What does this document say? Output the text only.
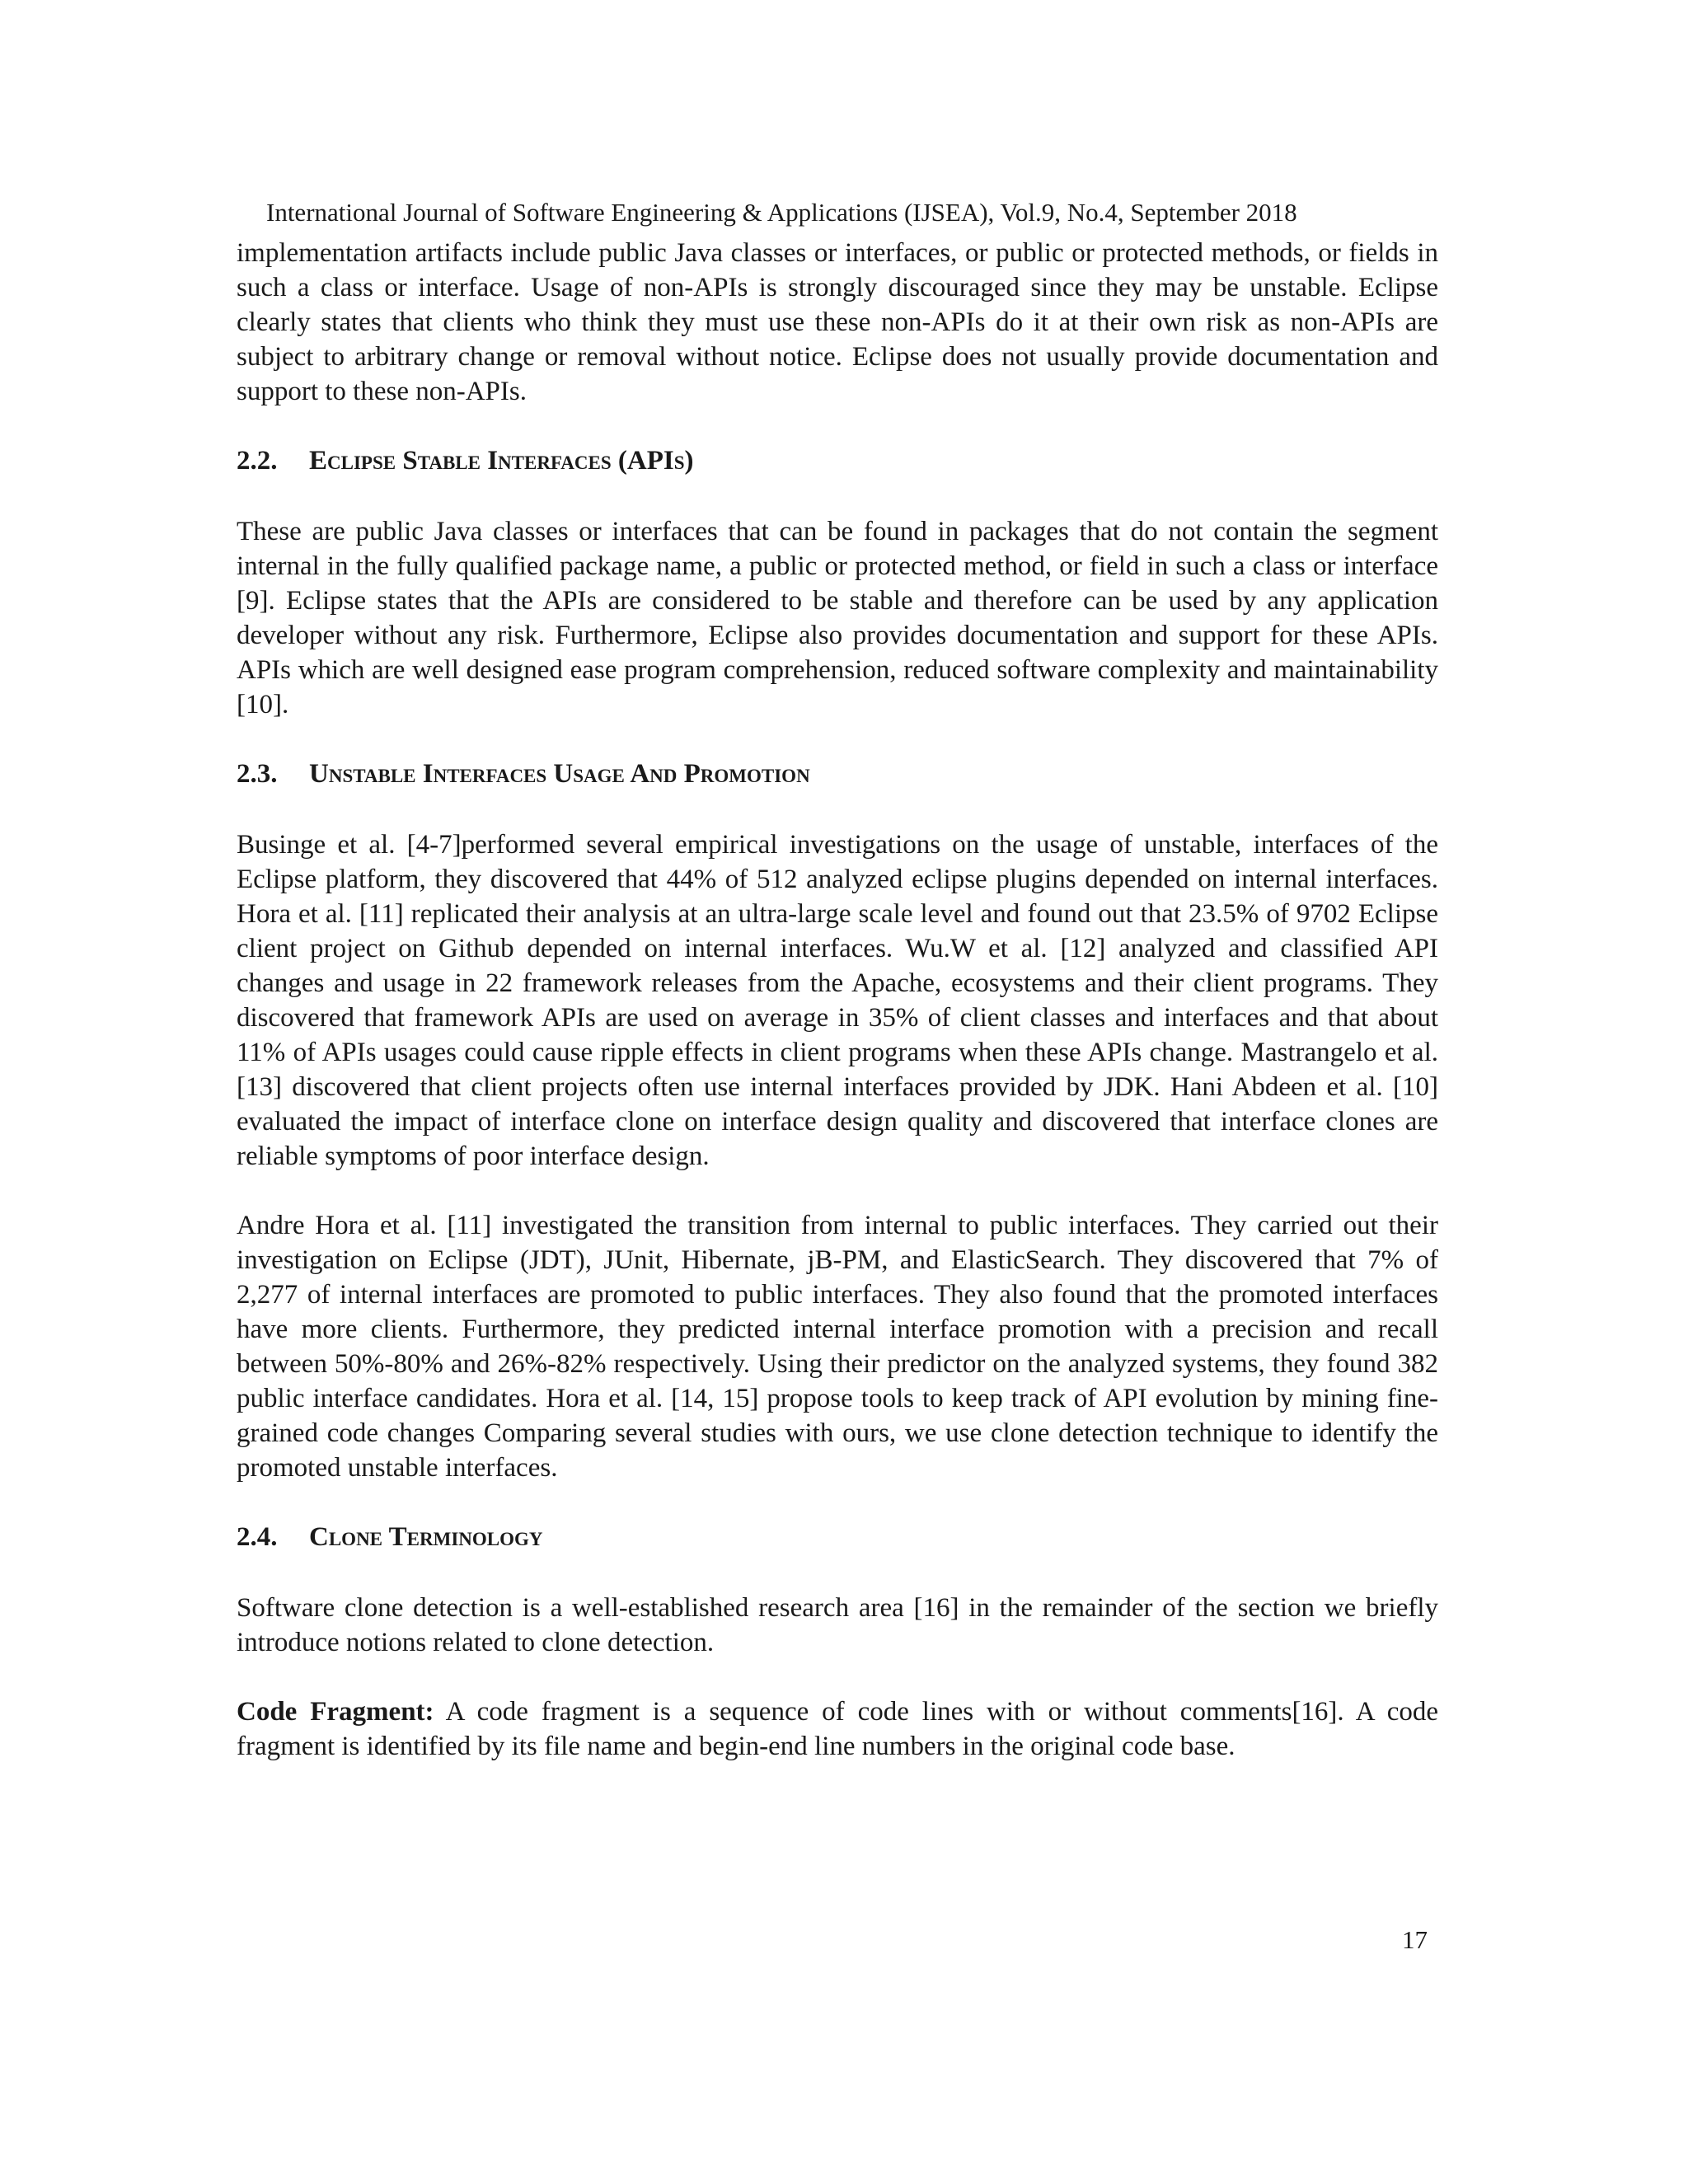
International Journal of Software Engineering & Applications (IJSEA), Vol.9, No.4, September 2018

implementation artifacts include public Java classes or interfaces, or public or protected methods, or fields in such a class or interface. Usage of non-APIs is strongly discouraged since they may be unstable. Eclipse clearly states that clients who think they must use these non-APIs do it at their own risk as non-APIs are subject to arbitrary change or removal without notice. Eclipse does not usually provide documentation and support to these non-APIs.

2.2. Eclipse Stable Interfaces (APIs)

These are public Java classes or interfaces that can be found in packages that do not contain the segment internal in the fully qualified package name, a public or protected method, or field in such a class or interface [9]. Eclipse states that the APIs are considered to be stable and therefore can be used by any application developer without any risk. Furthermore, Eclipse also provides documentation and support for these APIs. APIs which are well designed ease program comprehension, reduced software complexity and maintainability [10].

2.3. Unstable Interfaces Usage And Promotion

Businge et al. [4-7]performed several empirical investigations on the usage of unstable, interfaces of the Eclipse platform, they discovered that 44% of 512 analyzed eclipse plugins depended on internal interfaces. Hora et al. [11] replicated their analysis at an ultra-large scale level and found out that 23.5% of 9702 Eclipse client project on Github depended on internal interfaces. Wu.W et al. [12] analyzed and classified API changes and usage in 22 framework releases from the Apache, ecosystems and their client programs. They discovered that framework APIs are used on average in 35% of client classes and interfaces and that about 11% of APIs usages could cause ripple effects in client programs when these APIs change. Mastrangelo et al. [13] discovered that client projects often use internal interfaces provided by JDK. Hani Abdeen et al. [10] evaluated the impact of interface clone on interface design quality and discovered that interface clones are reliable symptoms of poor interface design.

Andre Hora et al. [11] investigated the transition from internal to public interfaces. They carried out their investigation on Eclipse (JDT), JUnit, Hibernate, jB-PM, and ElasticSearch. They discovered that 7% of 2,277 of internal interfaces are promoted to public interfaces. They also found that the promoted interfaces have more clients. Furthermore, they predicted internal interface promotion with a precision and recall between 50%-80% and 26%-82% respectively. Using their predictor on the analyzed systems, they found 382 public interface candidates. Hora et al. [14, 15] propose tools to keep track of API evolution by mining fine-grained code changes Comparing several studies with ours, we use clone detection technique to identify the promoted unstable interfaces.

2.4. Clone Terminology

Software clone detection is a well-established research area [16] in the remainder of the section we briefly introduce notions related to clone detection.

Code Fragment: A code fragment is a sequence of code lines with or without comments[16]. A code fragment is identified by its file name and begin-end line numbers in the original code base.

17
